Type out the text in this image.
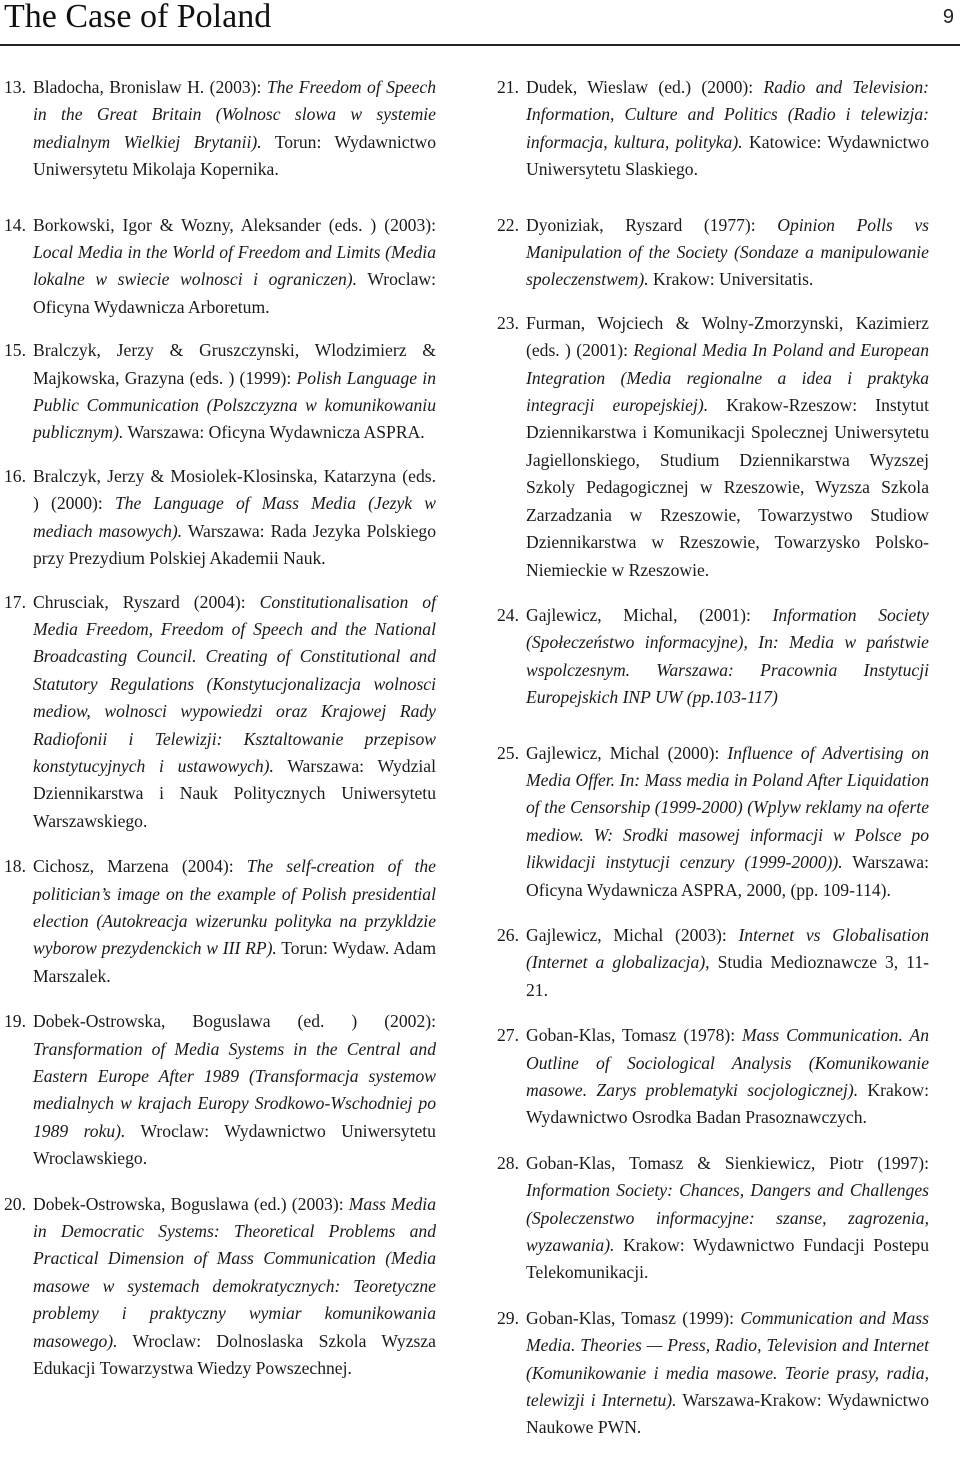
The Case of Poland	9
13. Bladocha, Bronislaw H. (2003): The Freedom of Speech in the Great Britain (Wolnosc slowa w systemie medialnym Wielkiej Brytanii). Torun: Wydawnictwo Uniwersytetu Mikolaja Kopernika.
14. Borkowski, Igor & Wozny, Aleksander (eds. ) (2003): Local Media in the World of Freedom and Limits (Media lokalne w swiecie wolnosci i ograniczen). Wroclaw: Oficyna Wydawnicza Arboretum.
15. Bralczyk, Jerzy & Gruszczynski, Wlodzimierz & Majkowska, Grazyna (eds. ) (1999): Polish Language in Public Communication (Polszczyzna w komunikowaniu publicznym). Warszawa: Oficyna Wydawnicza ASPRA.
16. Bralczyk, Jerzy & Mosiolek-Klosinska, Katarzyna (eds. ) (2000): The Language of Mass Media (Jezyk w mediach masowych). Warszawa: Rada Jezyka Polskiego przy Prezydium Polskiej Akademii Nauk.
17. Chrusciak, Ryszard (2004): Constitutionalisation of Media Freedom, Freedom of Speech and the National Broadcasting Council. Creating of Constitutional and Statutory Regulations (Konstytucjonalizacja wolnosci mediow, wolnosci wypowiedzi oraz Krajowej Rady Radiofonii i Telewizji: Ksztaltowanie przepisow konstytucyjnych i ustawowych). Warszawa: Wydzial Dziennikarstwa i Nauk Politycznych Uniwersytetu Warszawskiego.
18. Cichosz, Marzena (2004): The self-creation of the politician’s image on the example of Polish presidential election (Autokreacja wizerunku polityka na przykldzie wyborow prezydenckich w III RP). Torun: Wydaw. Adam Marszalek.
19. Dobek-Ostrowska, Boguslawa (ed. ) (2002): Transformation of Media Systems in the Central and Eastern Europe After 1989 (Transformacja systemow medialnych w krajach Europy Srodkowo-Wschodniej po 1989 roku). Wroclaw: Wydawnictwo Uniwersytetu Wroclawskiego.
20. Dobek-Ostrowska, Boguslawa (ed.) (2003): Mass Media in Democratic Systems: Theoretical Problems and Practical Dimension of Mass Communication (Media masowe w systemach demokratycznych: Teoretyczne problemy i praktyczny wymiar komunikowania masowego). Wroclaw: Dolnoslaska Szkola Wyzsza Edukacji Towarzystwa Wiedzy Powszechnej.
21. Dudek, Wieslaw (ed.) (2000): Radio and Television: Information, Culture and Politics (Radio i telewizja: informacja, kultura, polityka). Katowice: Wydawnictwo Uniwersytetu Slaskiego.
22. Dyoniziak, Ryszard (1977): Opinion Polls vs Manipulation of the Society (Sondaze a manipulowanie spoleczenstwem). Krakow: Universitatis.
23. Furman, Wojciech & Wolny-Zmorzynski, Kazimierz (eds. ) (2001): Regional Media In Poland and European Integration (Media regionalne a idea i praktyka integracji europejskiej). Krakow-Rzeszow: Instytut Dziennikarstwa i Komunikacji Spolecznej Uniwersytetu Jagiellonskiego, Studium Dziennikarstwa Wyzszej Szkoly Pedagogicznej w Rzeszowie, Wyzsza Szkola Zarzadzania w Rzeszowie, Towarzystwo Studiow Dziennikarstwa w Rzeszowie, Towarzysko Polsko-Niemieckie w Rzeszowie.
24. Gajlewicz, Michal, (2001): Information Society (Społeczeństwo informacyjne), In: Media w państwie wspolczesnym. Warszawa: Pracownia Instytucji Europejskich INP UW (pp.103-117)
25. Gajlewicz, Michal (2000): Influence of Advertising on Media Offer. In: Mass media in Poland After Liquidation of the Censorship (1999-2000) (Wplyw reklamy na oferte mediow. W: Srodki masowej informacji w Polsce po likwidacji instytucji cenzury (1999-2000)). Warszawa: Oficyna Wydawnicza ASPRA, 2000, (pp. 109-114).
26. Gajlewicz, Michal (2003): Internet vs Globalisation (Internet a globalizacja), Studia Medioznawcze 3, 11-21.
27. Goban-Klas, Tomasz (1978): Mass Communication. An Outline of Sociological Analysis (Komunikowanie masowe. Zarys problematyki socjologicznej). Krakow: Wydawnictwo Osrodka Badan Prasoznawczych.
28. Goban-Klas, Tomasz & Sienkiewicz, Piotr (1997): Information Society: Chances, Dangers and Challenges (Spoleczenstwo informacyjne: szanse, zagrozenia, wyzawania). Krakow: Wydawnictwo Fundacji Postepu Telekomunikacji.
29. Goban-Klas, Tomasz (1999): Communication and Mass Media. Theories — Press, Radio, Television and Internet (Komunikowanie i media masowe. Teorie prasy, radia, telewizji i Internetu). Warszawa-Krakow: Wydawnictwo Naukowe PWN.
